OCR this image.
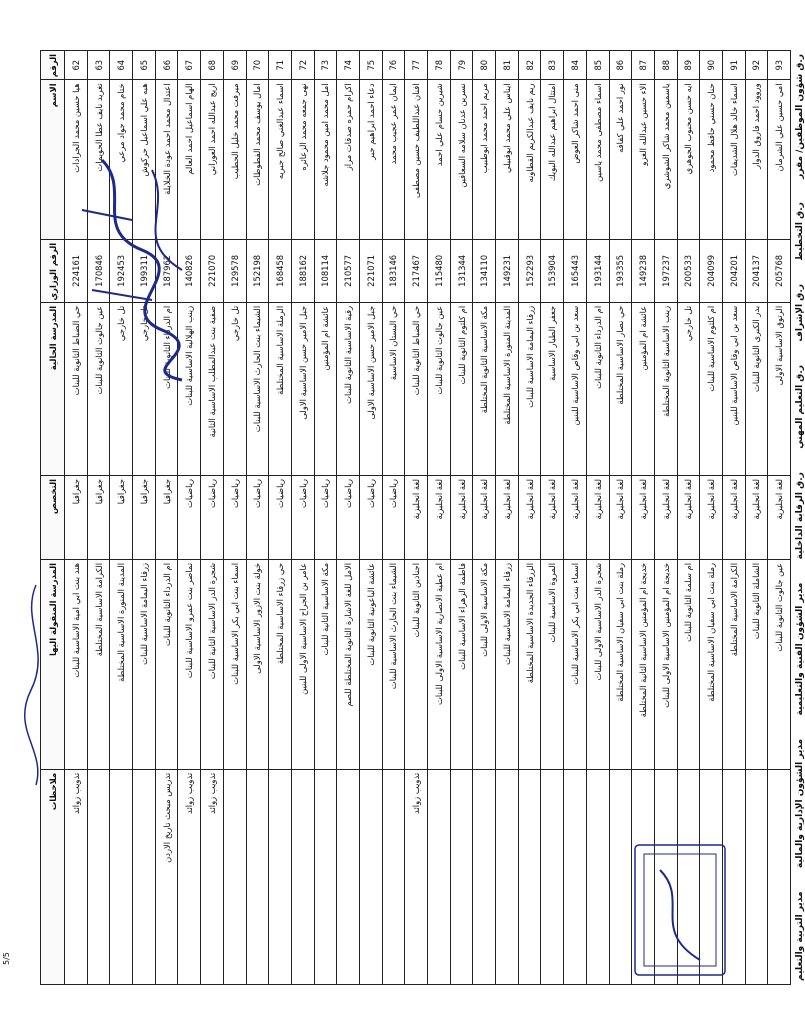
الرقم	الاسم	الرقم الوزاري	المدرسة الحالية	التخصص	المدرسة المنقولة اليها	ملاحظات
62	هيا حسين محمد الجرادات	224161	حي الضباط الثانوية للبنات	جغرافيا	هند بنت ابي امية الاساسية للبنات	تذويب زوائد
63	تغريد نايف عطا الحويمات	170846	عين جالوت الثانوية للبنات	جغرافيا	الكرامة الاساسية المختلطة	
64	ختام محمد جواد مرعي	192453	تل خارجي	جغرافيا	المدينة المنورة الاساسية المختلطة	
65	هبه علي اسماعيل حركوش	199311	تل خارجي	جغرافيا	زرقاء اليمامة الاساسية للبنات	
66	اعتدال محمد احمد عودة الخلايلة	187962	ام الدرداء الثانوية للبنات	جغرافيا	ام الدرداء الثانوية للبنات	تدريس مبحث تاريخ الاردن
67	الهام اسماعيل احمد العالم	140826	زينب الهلالية الاساسية للبنات	رياضيات	تماضر بنت عمرو الاساسية للبنات	تذويب زوائد
68	اريج عبدالله احمد العوراني	221070	صفية بنت عبدالمطلب الاساسية الثانية	رياضيات	شجرة الدر الاساسية الثانية للبنات	تذويب زوائد
69	ميرفت محمد خليل الحطيب	129578	تل خارجي	رياضيات	اسماء بنت ابي بكر الاساسية للبنات	
70	امال يوسف محمد الفطوطات	152198	الشيماء بنت الحارث الاساسية للبنات	رياضيات	خولة بنت الازور الاساسية الاولى	
71	اسماء عبدالغني صالح جبريه	168458	الرملة الاساسية المختلطة	رياضيات	حي زرقاء الاساسية المختلطة	
72	نهى جمعه محمد الزعائره	188162	جبل الامير حسن الاساسية الاولى	رياضيات	عامر بن الجراح الاساسية الاولى للبنين	
73	امل محمد امين محمود جلاشه	108114	عائشة ام المؤمنين	رياضيات	مكة الاساسية الثانية للبنات	
74	اكرام حمزه صدقات مراز	210577	رقية الاساسية الثانوية للبنات	رياضيات	الامل للغة الاشارة الثانوية المختلطة للصم	
75	دعاء احمد ابراهيم جبر	221071	جبل الامير حسن الاساسية الاولى	رياضيات	عائشة الباعونية الثانوية للبنات	
76	ايمان عمر عجيب محمد	183146	حي البستان الاساسية	رياضيات	الشيماء بنت الحارث الاساسية للبنات	
77	افنان عبداللطيف حسين مصطفى	217467	حي الضباط الثانوية للبنات	لغة انجليزية	اجنادين الثانوية للبنات	تذويب زوائد
78	شيرين حسام علي احمد	115480	عين جالوت الثانوية للبنات	لغة انجليزية	ام عطية الانصارية الاساسية الاولى للبنات	
79	نسرين عدنان سلامه السعافين	131344	ام كلثوم الثانوية للبنات	لغة انجليزية	فاطمة الزهراء الاساسية للبنات	
80	مريم احمد محمد ابوطبيب	134110	مكة الاساسية الثانوية المختلطة	لغة انجليزية	مكة الاساسية الاولى للبنات	
81	ايناس علي محمد ابوقبيلي	149231	المدينة المنورة الاساسية المختلطة	لغة انجليزية	زرقاء اليمامة الاساسية للبنات	
82	ريم نايف عبدالكريم القطاونه	152293	زرقاء اليمامة الاساسية للبنات	لغة انجليزية	الزرقاء الجديدة الاساسية المختلطة	
83	امتثال ابراهيم عبدالله البويك	153904	جعفر الطيار الاساسية	لغة انجليزية	المروة الاساسية للبنات	
84	منى احمد شاكر العوض	165443	سعد بن ابي وقاص الاساسية للبنين	لغة انجليزية	اسماء بنت ابي بكر الاساسية للبنات	
85	اسماء مصطفى محمد ياسين	193144	ام الدرداء الثانوية للبنات	لغة انجليزية	شجرة الدر الاساسية الاولى للبنات	
86	نور احمد علي كفافه	193355	حي نصار الاساسية المختلطة	لغة انجليزية	رملة بنت ابي سفيان الاساسية المختلطة	
87	الاء حسين عبدالله الغزو	149238	عائشة ام المؤمنين	لغة انجليزية	خديجة ام المؤمنين الاساسية الثانية المختلطة	
88	ياسمين محمد شاكر الشوشري	197237	زينب الاساسية الثانوية المختلطة	لغة انجليزية	خديجة ام المؤمنين الاساسية الاولى للبنات	
89	ايه حسن محبوب الجوهري	200533	تل خارجي	لغة انجليزية	ام سلمة الثانوية للبنات	
90	حنان حسني حافظ محمود	204099	ام كلثوم الاساسية للبنات	لغة انجليزية	رملة بنت ابي سفيان الاساسية المختلطة	
91	اسماء خالد هلال الشديفات	204201	سعد بن ابي وقاص الاساسية للبنين	لغة انجليزية	الكرامة الاساسية المختلطة	
92	وروود احمد فاروق الدوار	204137	بدر الكبرى الثانوية للبنات	لغة انجليزية	الشاملة الثانوية للبنات	
93	امي حسين علي الشرمان	205768	الرتوق الاساسية الاولى	لغة انجليزية	عين جالوت الثانوية للبنات	
ر.ق شؤون الموظفين/ مقرر
ر.ق التخطيط
ر.ق الإشراف
ر.ق التعليم المهني
ر.ق الرقابة الداخلية
مدير الشؤون الفنية والتعليمية
مدير الشؤون الإدارية والمالية
مدير التربية والتعليم
5/5
